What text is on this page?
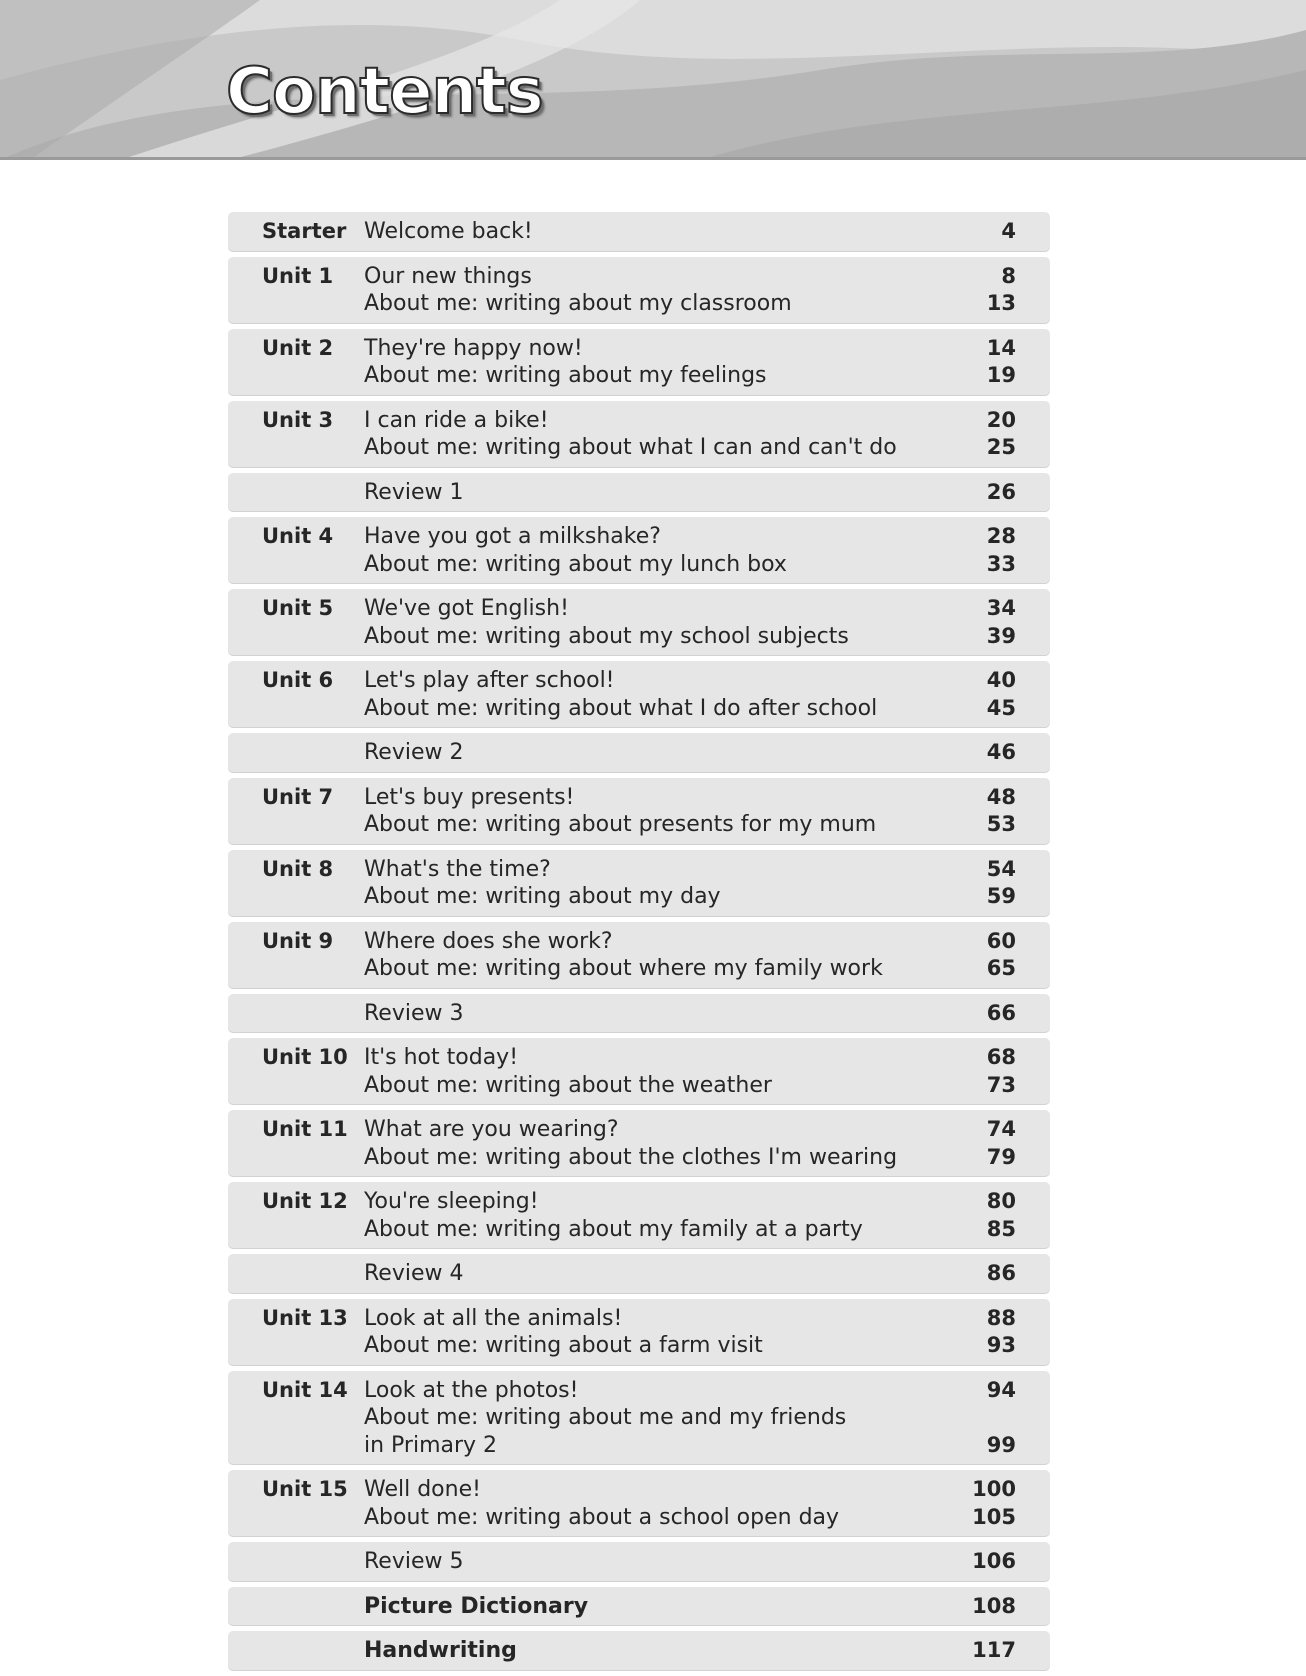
Contents
Starter Welcome back!	4
Unit 1 Our new things	8
About me: writing about my classroom	13
Unit 2 They're happy now!	14
About me: writing about my feelings	19
Unit 3 I can ride a bike!	20
About me: writing about what I can and can't do	25
Review 1	26
Unit 4 Have you got a milkshake?	28
About me: writing about my lunch box	33
Unit 5 We've got English!	34
About me: writing about my school subjects	39
Unit 6 Let's play after school!	40
About me: writing about what I do after school	45
Review 2	46
Unit 7 Let's buy presents!	48
About me: writing about presents for my mum	53
Unit 8 What's the time?	54
About me: writing about my day	59
Unit 9 Where does she work?	60
About me: writing about where my family work	65
Review 3	66
Unit 10 It's hot today!	68
About me: writing about the weather	73
Unit 11 What are you wearing?	74
About me: writing about the clothes I'm wearing	79
Unit 12 You're sleeping!	80
About me: writing about my family at a party	85
Review 4	86
Unit 13 Look at all the animals!	88
About me: writing about a farm visit	93
Unit 14 Look at the photos!	94
About me: writing about me and my friends
in Primary 2	99
Unit 15 Well done!	100
About me: writing about a school open day	105
Review 5	106
Picture Dictionary	108
Handwriting	117
